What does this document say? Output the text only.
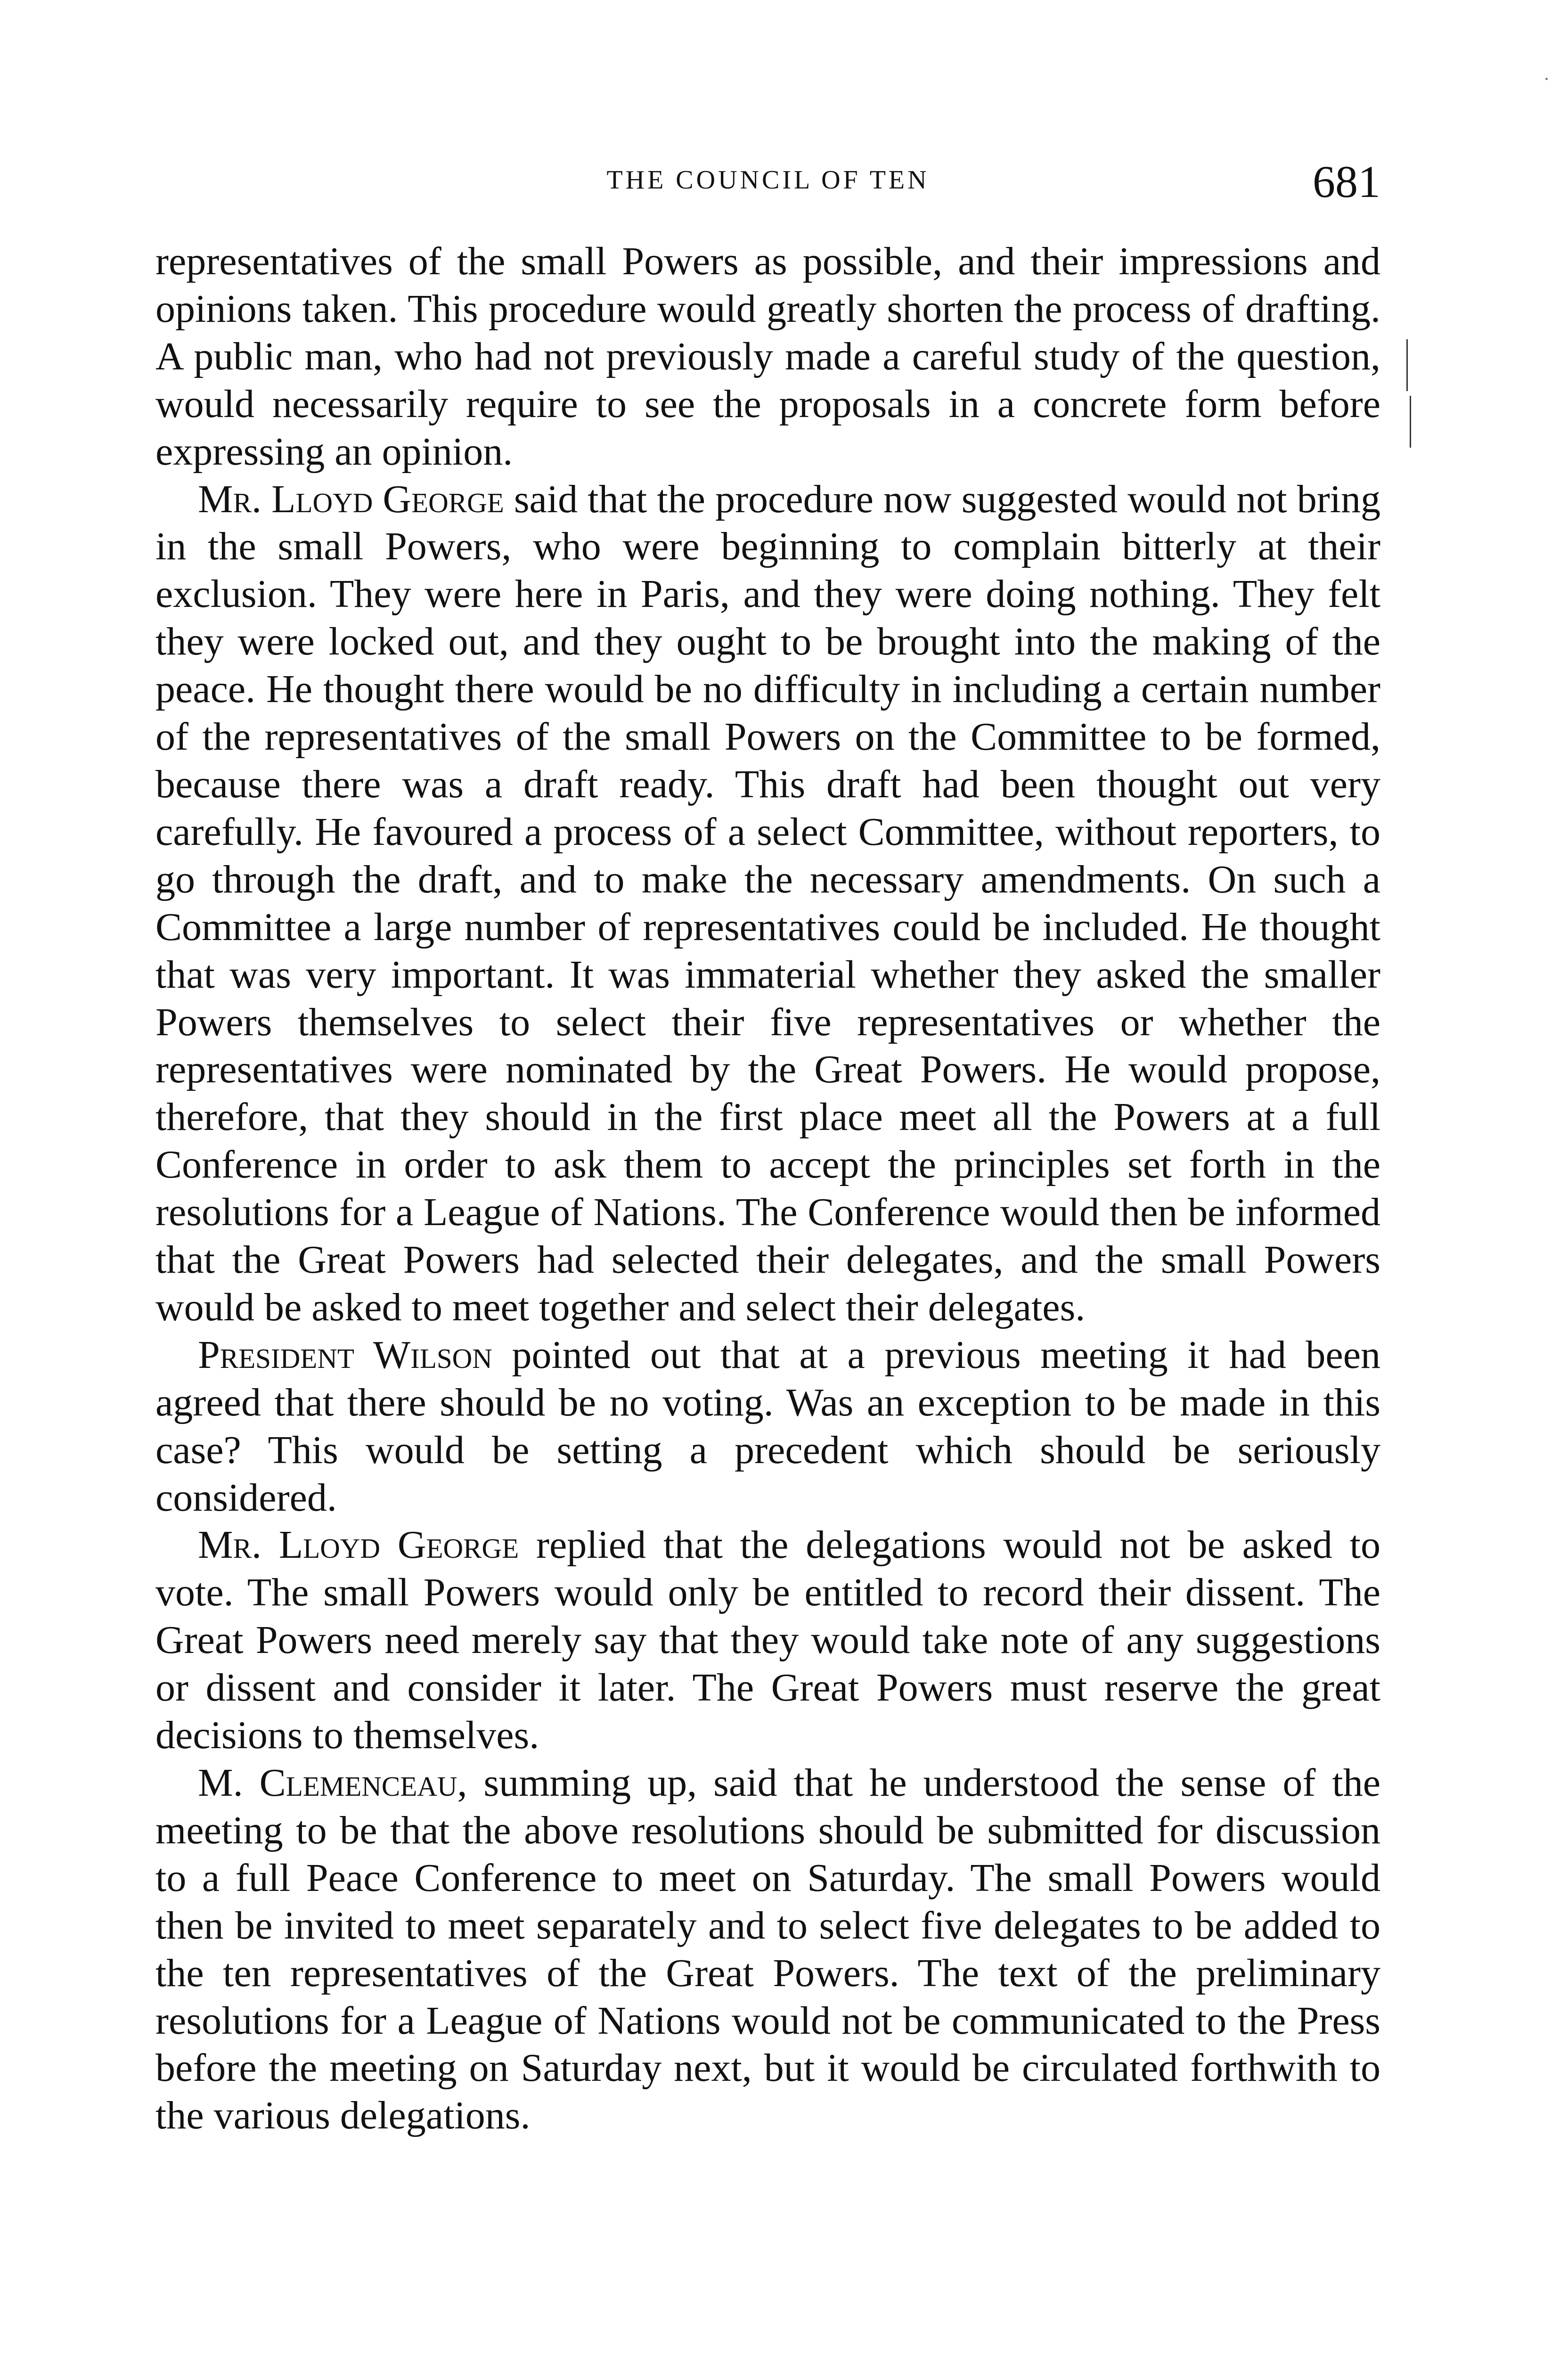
THE COUNCIL OF TEN	681

representatives of the small Powers as possible, and their impressions and opinions taken. This procedure would greatly shorten the process of drafting. A public man, who had not previously made a careful study of the question, would necessarily require to see the proposals in a concrete form before expressing an opinion.

Mr. Lloyd George said that the procedure now suggested would not bring in the small Powers, who were beginning to complain bitterly at their exclusion. They were here in Paris, and they were doing nothing. They felt they were locked out, and they ought to be brought into the making of the peace. He thought there would be no difficulty in including a certain number of the representatives of the small Powers on the Committee to be formed, because there was a draft ready. This draft had been thought out very carefully. He favoured a process of a select Committee, without reporters, to go through the draft, and to make the necessary amendments. On such a Committee a large number of representatives could be included. He thought that was very important. It was immaterial whether they asked the smaller Powers themselves to select their five representatives or whether the representatives were nominated by the Great Powers. He would propose, therefore, that they should in the first place meet all the Powers at a full Conference in order to ask them to accept the principles set forth in the resolutions for a League of Nations. The Conference would then be informed that the Great Powers had selected their delegates, and the small Powers would be asked to meet together and select their delegates.

President Wilson pointed out that at a previous meeting it had been agreed that there should be no voting. Was an exception to be made in this case? This would be setting a precedent which should be seriously considered.

Mr. Lloyd George replied that the delegations would not be asked to vote. The small Powers would only be entitled to record their dissent. The Great Powers need merely say that they would take note of any suggestions or dissent and consider it later. The Great Powers must reserve the great decisions to themselves.

M. Clemenceau, summing up, said that he understood the sense of the meeting to be that the above resolutions should be submitted for discussion to a full Peace Conference to meet on Saturday. The small Powers would then be invited to meet separately and to select five delegates to be added to the ten representatives of the Great Powers. The text of the preliminary resolutions for a League of Nations would not be communicated to the Press before the meeting on Saturday next, but it would be circulated forthwith to the various delegations.
